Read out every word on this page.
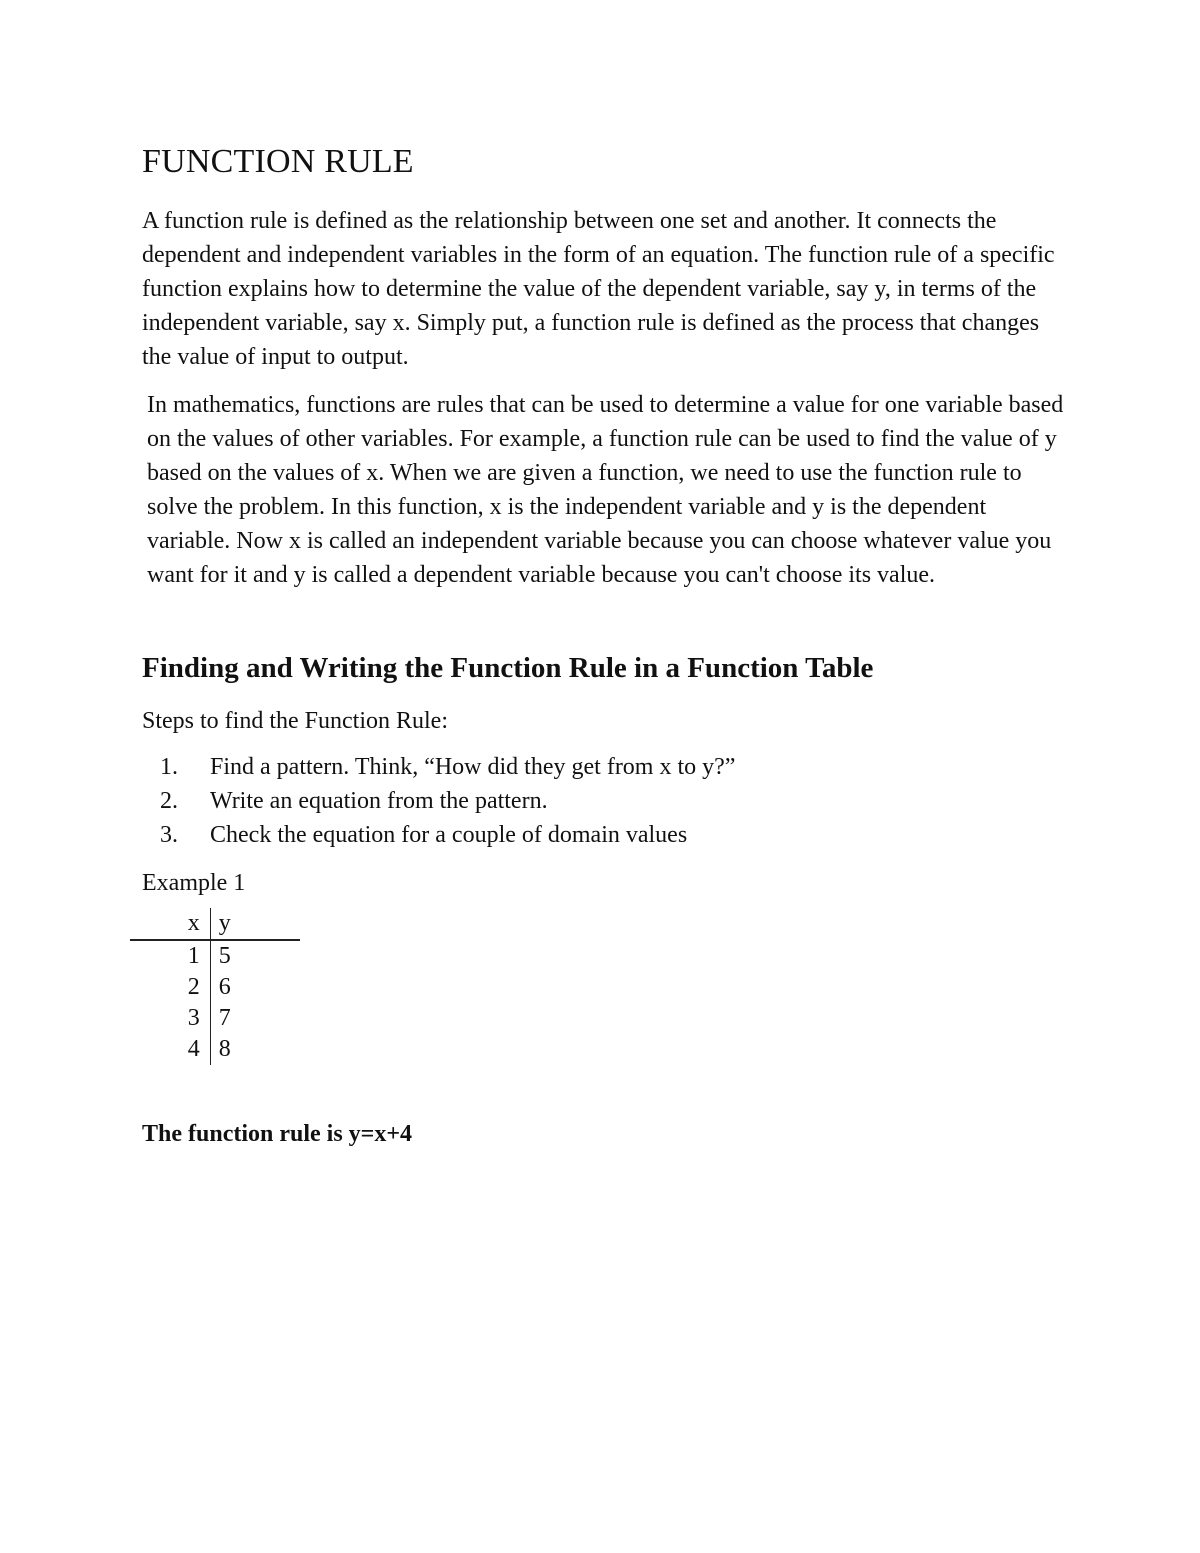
FUNCTION RULE

A function rule is defined as the relationship between one set and another. It connects the dependent and independent variables in the form of an equation. The function rule of a specific function explains how to determine the value of the dependent variable, say y, in terms of the independent variable, say x. Simply put, a function rule is defined as the process that changes the value of input to output.

In mathematics, functions are rules that can be used to determine a value for one variable based on the values of other variables. For example, a function rule can be used to find the value of y based on the values of x. When we are given a function, we need to use the function rule to solve the problem. In this function, x is the independent variable and y is the dependent variable. Now x is called an independent variable because you can choose whatever value you want for it and y is called a dependent variable because you can't choose its value.

Finding and Writing the Function Rule in a Function Table

Steps to find the Function Rule:

1.	Find a pattern. Think, “How did they get from x to y?”
2.	Write an equation from the pattern.
3.	Check the equation for a couple of domain values

Example 1

x	y
1	5
2	6
3	7
4	8

The function rule is y=x+4
